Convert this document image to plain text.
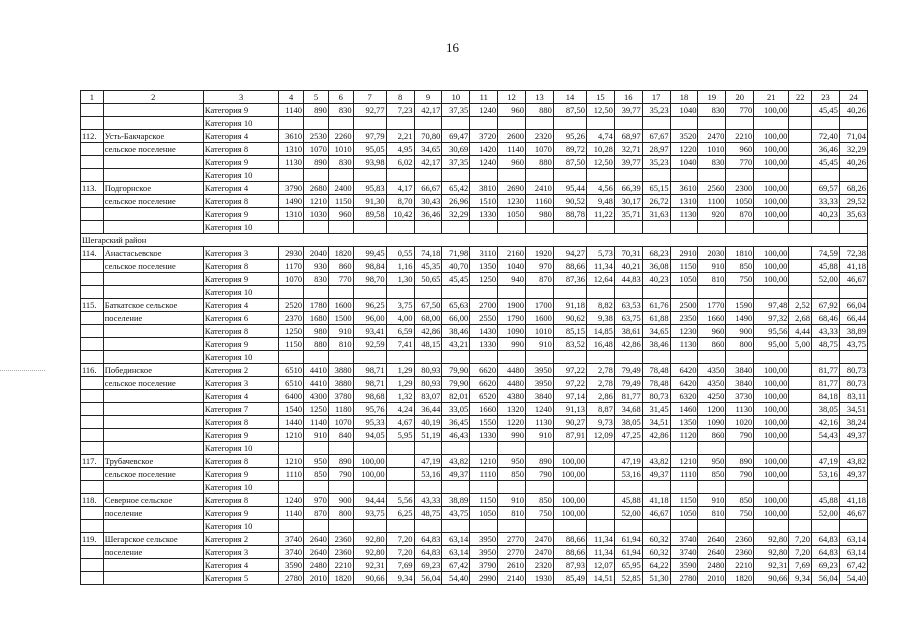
16
1	2	3	4	5	6	7	8	9	10	11	12	13	14	15	16	17	18	19	20	21	22	23	24
		Категория 9	1140	890	830	92,77	7,23	42,17	37,35	1240	960	880	87,50	12,50	39,77	35,23	1040	830	770	100,00		45,45	40,26
		Категория 10																					
112.	Усть-Бакчарское	Категория 4	3610	2530	2260	97,79	2,21	70,80	69,47	3720	2600	2320	95,26	4,74	68,97	67,67	3520	2470	2210	100,00		72,40	71,04
	сельское поселение	Категория 8	1310	1070	1010	95,05	4,95	34,65	30,69	1420	1140	1070	89,72	10,28	32,71	28,97	1220	1010	960	100,00		36,46	32,29
		Категория 9	1130	890	830	93,98	6,02	42,17	37,35	1240	960	880	87,50	12,50	39,77	35,23	1040	830	770	100,00		45,45	40,26
		Категория 10																					
113.	Подгорнское	Категория 4	3790	2680	2400	95,83	4,17	66,67	65,42	3810	2690	2410	95,44	4,56	66,39	65,15	3610	2560	2300	100,00		69,57	68,26
	сельское поселение	Категория 8	1490	1210	1150	91,30	8,70	30,43	26,96	1510	1230	1160	90,52	9,48	30,17	26,72	1310	1100	1050	100,00		33,33	29,52
		Категория 9	1310	1030	960	89,58	10,42	36,46	32,29	1330	1050	980	88,78	11,22	35,71	31,63	1130	920	870	100,00		40,23	35,63
		Категория 10																					
Шегарский район																							
114.	Анастасьевское	Категория 3	2930	2040	1820	99,45	0,55	74,18	71,98	3110	2160	1920	94,27	5,73	70,31	68,23	2910	2030	1810	100,00		74,59	72,38
	сельское поселение	Категория 8	1170	930	860	98,84	1,16	45,35	40,70	1350	1040	970	88,66	11,34	40,21	36,08	1150	910	850	100,00		45,88	41,18
		Категория 9	1070	830	770	98,70	1,30	50,65	45,45	1250	940	870	87,36	12,64	44,83	40,23	1050	810	750	100,00		52,00	46,67
		Категория 10																					
115.	Баткатское сельское	Категория 4	2520	1780	1600	96,25	3,75	67,50	65,63	2700	1900	1700	91,18	8,82	63,53	61,76	2500	1770	1590	97,48	2,52	67,92	66,04
	поселение	Категория 6	2370	1680	1500	96,00	4,00	68,00	66,00	2550	1790	1600	90,62	9,38	63,75	61,88	2350	1660	1490	97,32	2,68	68,46	66,44
		Категория 8	1250	980	910	93,41	6,59	42,86	38,46	1430	1090	1010	85,15	14,85	38,61	34,65	1230	960	900	95,56	4,44	43,33	38,89
		Категория 9	1150	880	810	92,59	7,41	48,15	43,21	1330	990	910	83,52	16,48	42,86	38,46	1130	860	800	95,00	5,00	48,75	43,75
		Категория 10																					
116.	Побединское	Категория 2	6510	4410	3880	98,71	1,29	80,93	79,90	6620	4480	3950	97,22	2,78	79,49	78,48	6420	4350	3840	100,00		81,77	80,73
	сельское поселение	Категория 3	6510	4410	3880	98,71	1,29	80,93	79,90	6620	4480	3950	97,22	2,78	79,49	78,48	6420	4350	3840	100,00		81,77	80,73
		Категория 4	6400	4300	3780	98,68	1,32	83,07	82,01	6520	4380	3840	97,14	2,86	81,77	80,73	6320	4250	3730	100,00		84,18	83,11
		Категория 7	1540	1250	1180	95,76	4,24	36,44	33,05	1660	1320	1240	91,13	8,87	34,68	31,45	1460	1200	1130	100,00		38,05	34,51
		Категория 8	1440	1140	1070	95,33	4,67	40,19	36,45	1550	1220	1130	90,27	9,73	38,05	34,51	1350	1090	1020	100,00		42,16	38,24
		Категория 9	1210	910	840	94,05	5,95	51,19	46,43	1330	990	910	87,91	12,09	47,25	42,86	1120	860	790	100,00		54,43	49,37
		Категория 10																					
117.	Трубачевское	Категория 8	1210	950	890	100,00		47,19	43,82	1210	950	890	100,00		47,19	43,82	1210	950	890	100,00		47,19	43,82
	сельское поселение	Категория 9	1110	850	790	100,00		53,16	49,37	1110	850	790	100,00		53,16	49,37	1110	850	790	100,00		53,16	49,37
		Категория 10																					
118.	Северное сельское	Категория 8	1240	970	900	94,44	5,56	43,33	38,89	1150	910	850	100,00		45,88	41,18	1150	910	850	100,00		45,88	41,18
	поселение	Категория 9	1140	870	800	93,75	6,25	48,75	43,75	1050	810	750	100,00		52,00	46,67	1050	810	750	100,00		52,00	46,67
		Категория 10																					
119.	Шегарское сельское	Категория 2	3740	2640	2360	92,80	7,20	64,83	63,14	3950	2770	2470	88,66	11,34	61,94	60,32	3740	2640	2360	92,80	7,20	64,83	63,14
	поселение	Категория 3	3740	2640	2360	92,80	7,20	64,83	63,14	3950	2770	2470	88,66	11,34	61,94	60,32	3740	2640	2360	92,80	7,20	64,83	63,14
		Категория 4	3590	2480	2210	92,31	7,69	69,23	67,42	3790	2610	2320	87,93	12,07	65,95	64,22	3590	2480	2210	92,31	7,69	69,23	67,42
		Категория 5	2780	2010	1820	90,66	9,34	56,04	54,40	2990	2140	1930	85,49	14,51	52,85	51,30	2780	2010	1820	90,66	9,34	56,04	54,40
